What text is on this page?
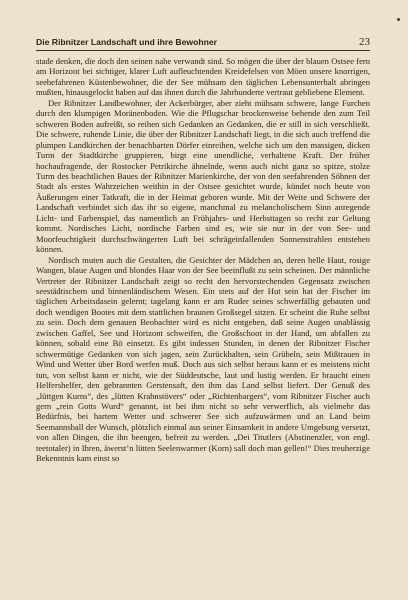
Die Ribnitzer Landschaft und ihre Bewohner	23

stade denken, die doch den seinen nahe verwandt sind. So mögen die über der blauen Ostsee fern am Horizont bei sichtiger, klarer Luft aufleuchtenden Kreidefelsen von Möen unsere knorrigen, seebefahrenen Küstenbewohner, die der See mühsam den täglichen Lebensunterhalt abringen mußten, hinausgelockt haben auf das ihnen durch die Jahrhunderte vertraut gebliebene Element.

Der Ribnitzer Landbewohner, der Ackerbürger, aber zieht mühsam schwere, lange Furchen durch den klumpigen Moränenboden. Wie die Pflugschar brockenweise behende den zum Teil schweren Boden aufreißt, so reihen sich Gedanken an Gedanken, die er still in sich verschließt. Die schwere, ruhende Linie, die über der Ribnitzer Landschaft liegt, in die sich auch treffend die plumpen Landkirchen der benachbarten Dörfer einreihen, welche sich um den massigen, dicken Turm der Stadtkirche gruppieren, birgt eine unendliche, verhaltene Kraft. Der früher hochaufragende, der Rostocker Petrikirche ähnelnde, wenn auch nicht ganz so spitze, stolze Turm des beachtlichen Baues der Ribnitzer Marienkirche, der von den seefahrenden Söhnen der Stadt als erstes Wahrzeichen weithin in der Ostsee gesichtet wurde, kündet noch heute von Äußerungen einer Tatkraft, die in der Heimat geboren wurde. Mit der Weite und Schwere der Landschaft verbindet sich das ihr so eigene, manchmal zu melancholischem Sinn anregende Licht- und Farbenspiel, das namentlich an Frühjahrs- und Herbsttagen so recht zur Geltung kommt. Nordisches Licht, nordische Farben sind es, wie sie nur in der von See- und Moorfeuchtigkeit durchschwängerten Luft bei schrägeinfallenden Sonnenstrahlen entstehen können.

Nordisch muten auch die Gestalten, die Gesichter der Mädchen an, deren helle Haut, rosige Wangen, blaue Augen und blondes Haar von der See beeinflußt zu sein scheinen. Der männliche Vertreter der Ribnitzer Landschaft zeigt so recht den hervorstechenden Gegensatz zwischen seestädtischem und binnenländischem Wesen. Ein stets auf der Hut sein hat der Fischer im täglichen Arbeitsdasein gelernt; tagelang kann er am Ruder seines schwerfällig gebauten und doch wendigen Bootes mit dem stattlichen braunen Großsegel sitzen. Er scheint die Ruhe selbst zu sein. Doch dem genauen Beobachter wird es nicht entgehen, daß seine Augen unablässig zwischen Gaffel, See und Horizont schweifen, die Großschoot in der Hand, um abfallen zu können, sobald eine Bö einsetzt. Es gibt indessen Stunden, in denen der Ribnitzer Fischer schwermütige Gedanken von sich jagen, sein Zurückhalten, sein Grübeln, sein Mißtrauen in Wind und Wetter über Bord werfen muß. Doch aus sich selbst heraus kann er es meistens nicht tun, von selbst kann er nicht, wie der Süddeutsche, laut und lustig werden. Er braucht einen Helfershelfer, den gebrannten Gerstensaft, den ihm das Land selbst liefert. Der Genuß des „lüttgen Kurns“, des „lütten Krahnstövers“ oder „Richtenbargers“, vom Ribnitzer Fischer auch gern „rein Gotts Wurd“ genannt, ist bei ihm nicht so sehr verwerflich, als vielmehr das Bedürfnis, bei hartem Wetter und schwerer See sich aufzuwärmen und an Land beim Seemannsball der Wunsch, plötzlich einmal aus seiner Einsamkeit in andere Umgebung versetzt, von allen Dingen, die ihn beengen, befreit zu werden. „Dei Titutlers (Abstinenzler, von engl. teetotaler) in Ihren, äwerst’n lütten Seelenwarmer (Korn) sall doch man gellen!“ Dies treuherzige Bekenntnis kam einst so
